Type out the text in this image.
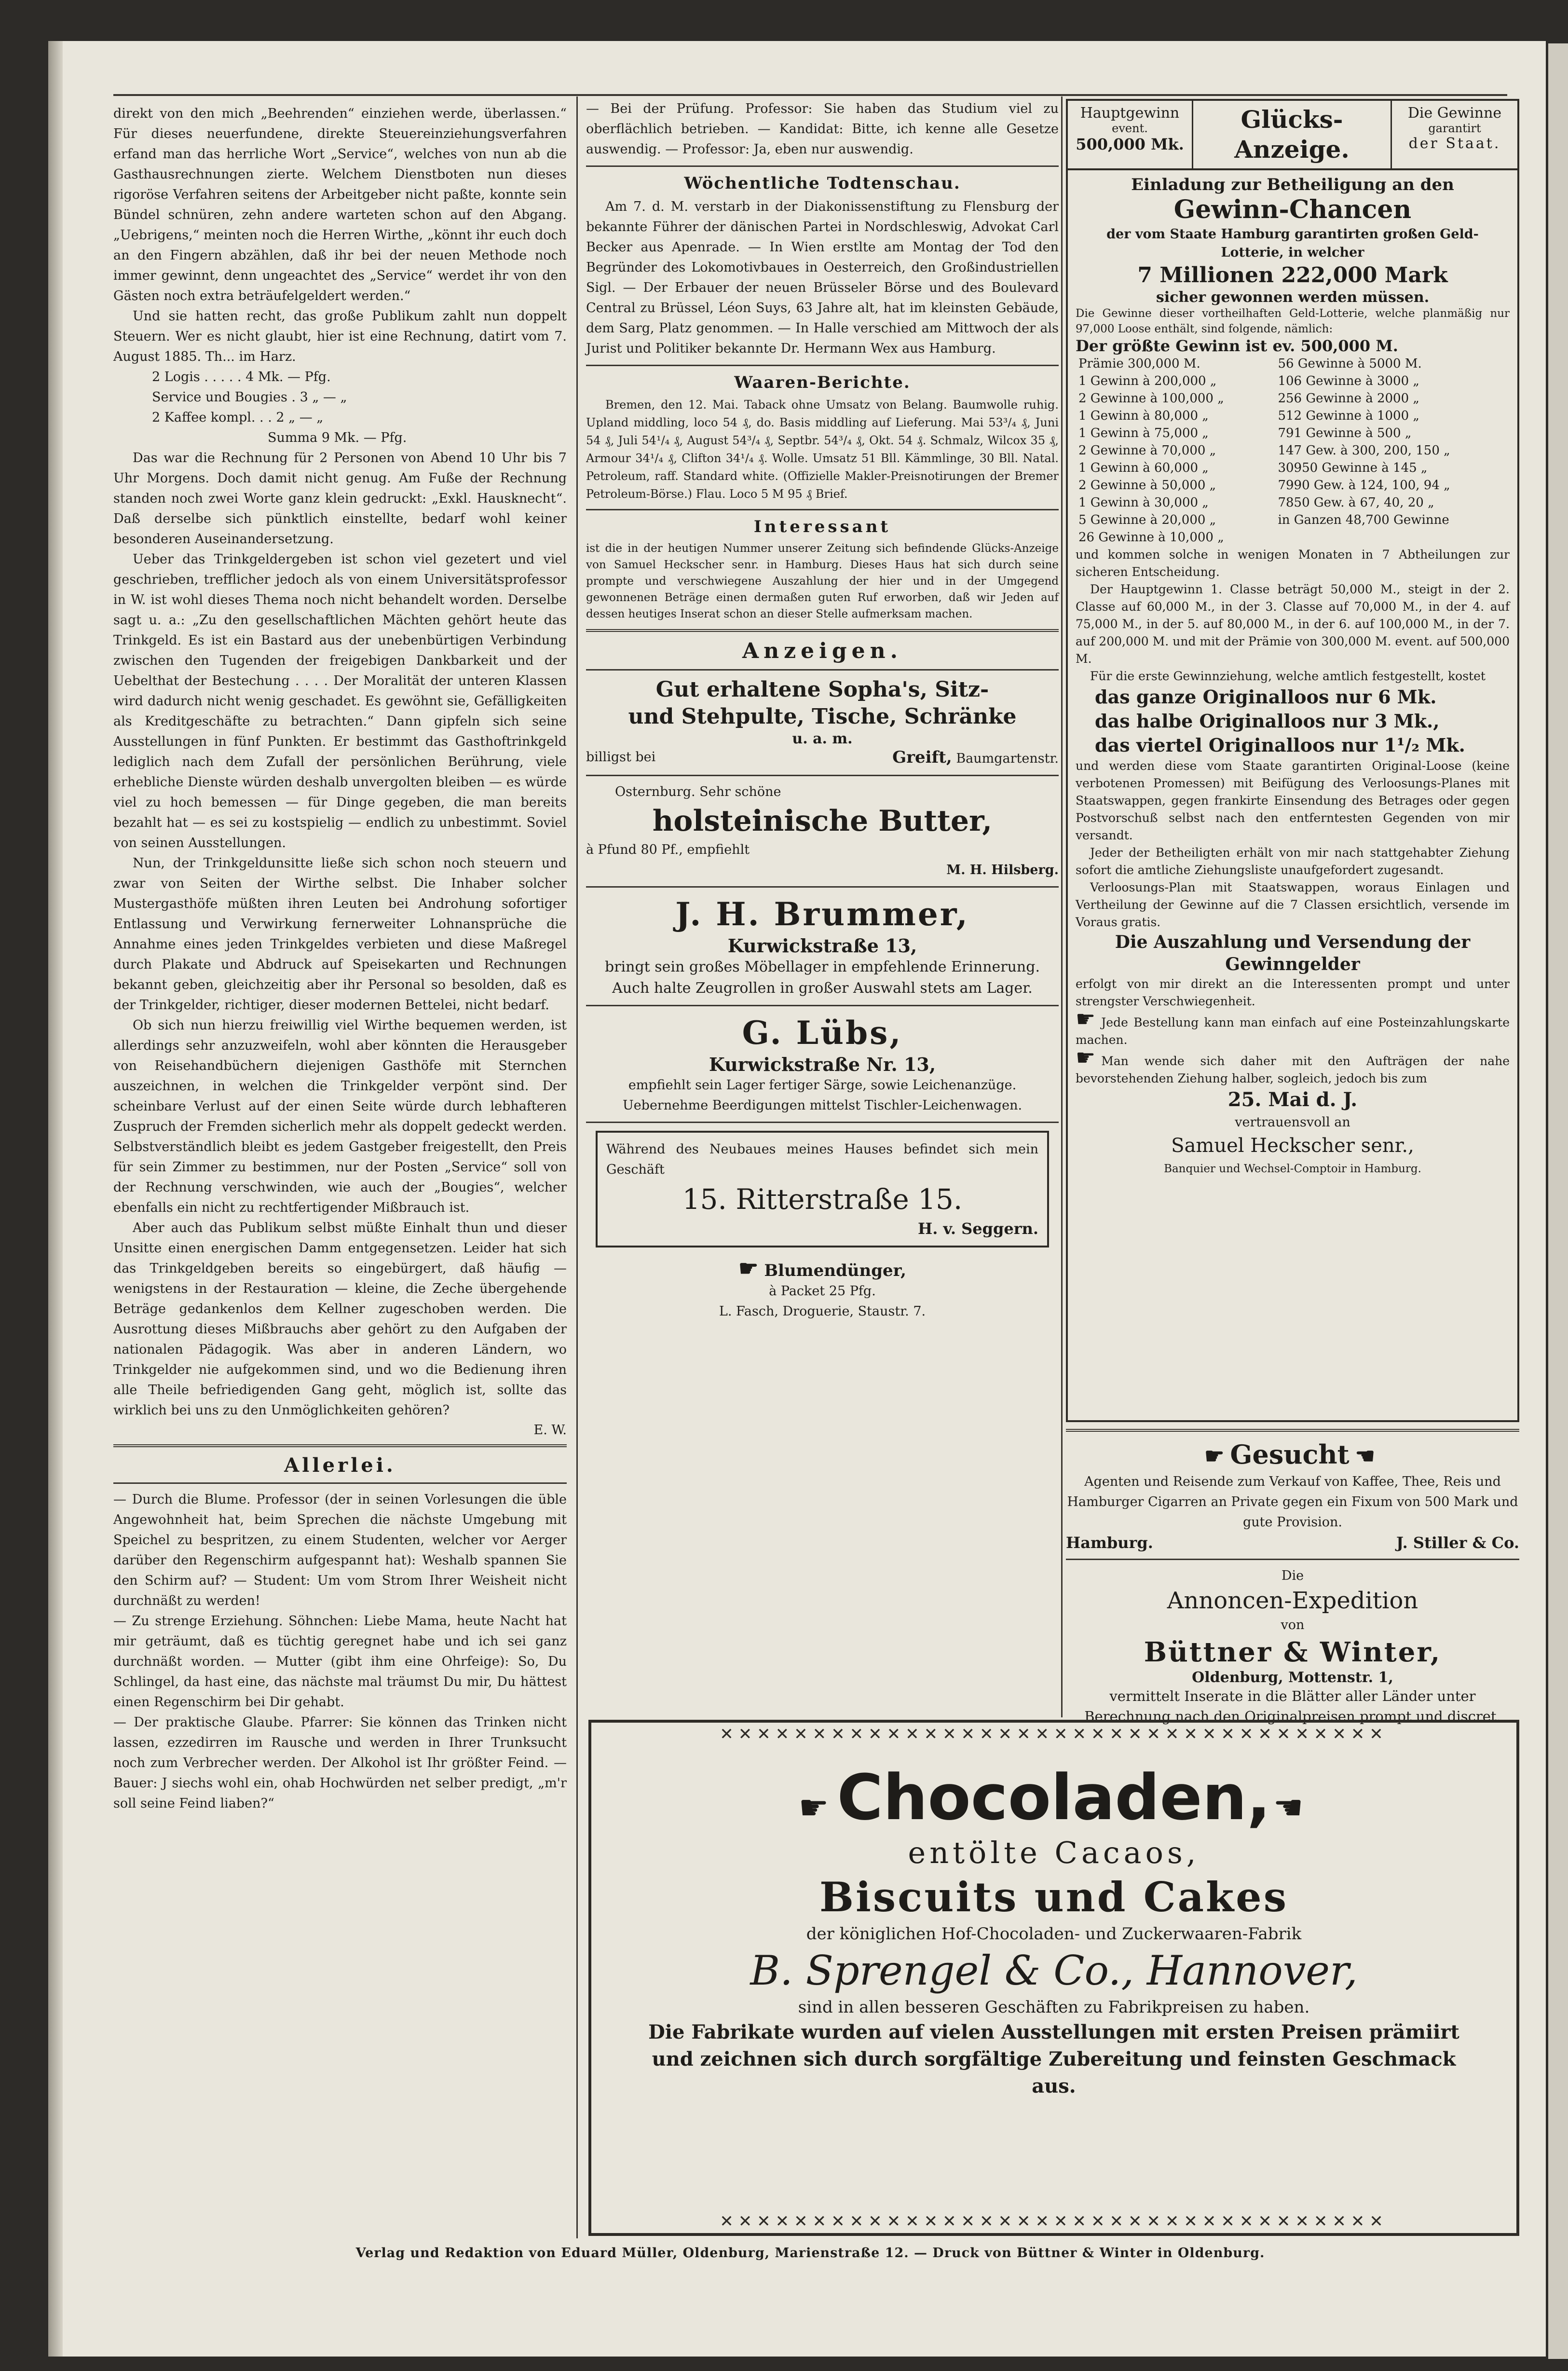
direkt von den mich „Beehrenden“ einziehen werde, überlassen.“ Für dieses neuerfundene, direkte Steuereinziehungsverfahren erfand man das herrliche Wort „Service“, welches von nun ab die Gasthausrechnungen zierte. Welchem Dienstboten nun dieses rigoröse Verfahren seitens der Arbeitgeber nicht paßte, konnte sein Bündel schnüren, zehn andere warteten schon auf den Abgang. „Uebrigens,“ meinten noch die Herren Wirthe, „könnt ihr euch doch an den Fingern abzählen, daß ihr bei der neuen Methode noch immer gewinnt, denn ungeachtet des „Service“ werdet ihr von den Gästen noch extra beträufelgeldert werden.“
Und sie hatten recht, das große Publikum zahlt nun doppelt Steuern. Wer es nicht glaubt, hier ist eine Rechnung, datirt vom 7. August 1885. Th... im Harz.
2 Logis . . . . . 4 Mk. — Pfg.
Service und Bougies . 3 „ — „
2 Kaffee kompl. . . 2 „ — „
Summa 9 Mk. — Pfg.
Das war die Rechnung für 2 Personen von Abend 10 Uhr bis 7 Uhr Morgens. Doch damit nicht genug. Am Fuße der Rechnung standen noch zwei Worte ganz klein gedruckt: „Exkl. Hausknecht“. Daß derselbe sich pünktlich einstellte, bedarf wohl keiner besonderen Auseinandersetzung.
Ueber das Trinkgeldergeben ist schon viel gezetert und viel geschrieben, trefflicher jedoch als von einem Universitätsprofessor in W. ist wohl dieses Thema noch nicht behandelt worden. Derselbe sagt u. a.: „Zu den gesellschaftlichen Mächten gehört heute das Trinkgeld. Es ist ein Bastard aus der unebenbürtigen Verbindung zwischen den Tugenden der freigebigen Dankbarkeit und der Uebelthat der Bestechung . . . . Der Moralität der unteren Klassen wird dadurch nicht wenig geschadet. Es gewöhnt sie, Gefälligkeiten als Kreditgeschäfte zu betrachten.“ Dann gipfeln sich seine Ausstellungen in fünf Punkten. Er bestimmt das Gasthoftrinkgeld lediglich nach dem Zufall der persönlichen Berührung, viele erhebliche Dienste würden deshalb unvergolten bleiben — es würde viel zu hoch bemessen — für Dinge gegeben, die man bereits bezahlt hat — es sei zu kostspielig — endlich zu unbestimmt. Soviel von seinen Ausstellungen.
Nun, der Trinkgeldunsitte ließe sich schon noch steuern und zwar von Seiten der Wirthe selbst. Die Inhaber solcher Mustergasthöfe müßten ihren Leuten bei Androhung sofortiger Entlassung und Verwirkung fernerweiter Lohnansprüche die Annahme eines jeden Trinkgeldes verbieten und diese Maßregel durch Plakate und Abdruck auf Speisekarten und Rechnungen bekannt geben, gleichzeitig aber ihr Personal so besolden, daß es der Trinkgelder, richtiger, dieser modernen Bettelei, nicht bedarf.
Ob sich nun hierzu freiwillig viel Wirthe bequemen werden, ist allerdings sehr anzuzweifeln, wohl aber könnten die Herausgeber von Reisehandbüchern diejenigen Gasthöfe mit Sternchen auszeichnen, in welchen die Trinkgelder verpönt sind. Der scheinbare Verlust auf der einen Seite würde durch lebhafteren Zuspruch der Fremden sicherlich mehr als doppelt gedeckt werden. Selbstverständlich bleibt es jedem Gastgeber freigestellt, den Preis für sein Zimmer zu bestimmen, nur der Posten „Service“ soll von der Rechnung verschwinden, wie auch der „Bougies“, welcher ebenfalls ein nicht zu rechtfertigender Mißbrauch ist.
Aber auch das Publikum selbst müßte Einhalt thun und dieser Unsitte einen energischen Damm entgegensetzen. Leider hat sich das Trinkgeldgeben bereits so eingebürgert, daß häufig — wenigstens in der Restauration — kleine, die Zeche übergehende Beträge gedankenlos dem Kellner zugeschoben werden. Die Ausrottung dieses Mißbrauchs aber gehört zu den Aufgaben der nationalen Pädagogik. Was aber in anderen Ländern, wo Trinkgelder nie aufgekommen sind, und wo die Bedienung ihren alle Theile befriedigenden Gang geht, möglich ist, sollte das wirklich bei uns zu den Unmöglichkeiten gehören?
E. W.
Allerlei.
— Durch die Blume. Professor (der in seinen Vorlesungen die üble Angewohnheit hat, beim Sprechen die nächste Umgebung mit Speichel zu bespritzen, zu einem Studenten, welcher vor Aerger darüber den Regenschirm aufgespannt hat): Weshalb spannen Sie den Schirm auf? — Student: Um vom Strom Ihrer Weisheit nicht durchnäßt zu werden!
— Zu strenge Erziehung. Söhnchen: Liebe Mama, heute Nacht hat mir geträumt, daß es tüchtig geregnet habe und ich sei ganz durchnäßt worden. — Mutter (gibt ihm eine Ohrfeige): So, Du Schlingel, da hast eine, das nächste mal träumst Du mir, Du hättest einen Regenschirm bei Dir gehabt.
— Der praktische Glaube. Pfarrer: Sie können das Trinken nicht lassen, ezzedirren im Rausche und werden in Ihrer Trunksucht noch zum Verbrecher werden. Der Alkohol ist Ihr größter Feind. — Bauer: J siechs wohl ein, ohab Hochwürden net selber predigt, „m'r soll seine Feind liaben?“
— Bei der Prüfung. Professor: Sie haben das Studium viel zu oberflächlich betrieben. — Kandidat: Bitte, ich kenne alle Gesetze auswendig. — Professor: Ja, eben nur auswendig.
Wöchentliche Todtenschau.
Am 7. d. M. verstarb in der Diakonissenstiftung zu Flensburg der bekannte Führer der dänischen Partei in Nordschleswig, Advokat Carl Becker aus Apenrade. — In Wien erstlte am Montag der Tod den Begründer des Lokomotivbaues in Oesterreich, den Großindustriellen Sigl. — Der Erbauer der neuen Brüsseler Börse und des Boulevard Central zu Brüssel, Léon Suys, 63 Jahre alt, hat im kleinsten Gebäude, dem Sarg, Platz genommen. — In Halle verschied am Mittwoch der als Jurist und Politiker bekannte Dr. Hermann Wex aus Hamburg.
Waaren-Berichte.
Bremen, den 12. Mai. Taback ohne Umsatz von Belang. Baumwolle ruhig. Upland middling, loco 54 ₰, do. Basis middling auf Lieferung. Mai 53³/₄ ₰, Juni 54 ₰, Juli 54¹/₄ ₰, August 54³/₄ ₰, Septbr. 54³/₄ ₰, Okt. 54 ₰. Schmalz, Wilcox 35 ₰, Armour 34¹/₄ ₰, Clifton 34¹/₄ ₰. Wolle. Umsatz 51 Bll. Kämmlinge, 30 Bll. Natal. Petroleum, raff. Standard white. (Offizielle Makler-Preisnotirungen der Bremer Petroleum-Börse.) Flau. Loco 5 M 95 ₰ Brief.
Interessant
ist die in der heutigen Nummer unserer Zeitung sich befindende Glücks-Anzeige von Samuel Heckscher senr. in Hamburg. Dieses Haus hat sich durch seine prompte und verschwiegene Auszahlung der hier und in der Umgegend gewonnenen Beträge einen dermaßen guten Ruf erworben, daß wir Jeden auf dessen heutiges Inserat schon an dieser Stelle aufmerksam machen.
Anzeigen.
Gut erhaltene Sopha's, Sitz-
und Stehpulte, Tische, Schränke
u. a. m.
billigst bei	Greift, Baumgartenstr.
Osternburg. Sehr schöne
holsteinische Butter,
à Pfund 80 Pf., empfiehlt
M. H. Hilsberg.
J. H. Brummer,
Kurwickstraße 13,
bringt sein großes Möbellager in empfehlende Erinnerung. Auch halte Zeugrollen in großer Auswahl stets am Lager.
G. Lübs,
Kurwickstraße Nr. 13,
empfiehlt sein Lager fertiger Särge, sowie Leichenanzüge.
Uebernehme Beerdigungen mittelst Tischler-Leichenwagen.
Während des Neubaues meines Hauses befindet sich mein Geschäft
15. Ritterstraße 15.
H. v. Seggern.
☛ Blumendünger,
à Packet 25 Pfg.
L. Fasch, Droguerie, Staustr. 7.
Hauptgewinn
event.
500,000 Mk.
Glücks-
Anzeige.
Die Gewinne
garantirt
der Staat.
Einladung zur Betheiligung an den
Gewinn-Chancen
der vom Staate Hamburg garantirten großen Geld-Lotterie, in welcher
7 Millionen 222,000 Mark
sicher gewonnen werden müssen.
Die Gewinne dieser vortheilhaften Geld-Lotterie, welche planmäßig nur 97,000 Loose enthält, sind folgende, nämlich:
Der größte Gewinn ist ev. 500,000 M.
Prämie 300,000 M.	56 Gewinne à 5000 M.
1 Gewinn à 200,000 „	106 Gewinne à 3000 „
2 Gewinne à 100,000 „	256 Gewinne à 2000 „
1 Gewinn à 80,000 „	512 Gewinne à 1000 „
1 Gewinn à 75,000 „	791 Gewinne à 500 „
2 Gewinne à 70,000 „	147 Gew. à 300, 200, 150 „
1 Gewinn à 60,000 „	30950 Gewinne à 145 „
2 Gewinne à 50,000 „	7990 Gew. à 124, 100, 94 „
1 Gewinn à 30,000 „	7850 Gew. à 67, 40, 20 „
5 Gewinne à 20,000 „	in Ganzen 48,700 Gewinne
26 Gewinne à 10,000 „	
und kommen solche in wenigen Monaten in 7 Abtheilungen zur sicheren Entscheidung.
Der Hauptgewinn 1. Classe beträgt 50,000 M., steigt in der 2. Classe auf 60,000 M., in der 3. Classe auf 70,000 M., in der 4. auf 75,000 M., in der 5. auf 80,000 M., in der 6. auf 100,000 M., in der 7. auf 200,000 M. und mit der Prämie von 300,000 M. event. auf 500,000 M.
Für die erste Gewinnziehung, welche amtlich festgestellt, kostet
das ganze Originalloos nur 6 Mk.
das halbe Originalloos nur 3 Mk.,
das viertel Originalloos nur 1¹/₂ Mk.
und werden diese vom Staate garantirten Original-Loose (keine verbotenen Promessen) mit Beifügung des Verloosungs-Planes mit Staatswappen, gegen frankirte Einsendung des Betrages oder gegen Postvorschuß selbst nach den entferntesten Gegenden von mir versandt.
Jeder der Betheiligten erhält von mir nach stattgehabter Ziehung sofort die amtliche Ziehungsliste unaufgefordert zugesandt.
Verloosungs-Plan mit Staatswappen, woraus Einlagen und Vertheilung der Gewinne auf die 7 Classen ersichtlich, versende im Voraus gratis.
Die Auszahlung und Versendung der Gewinngelder
erfolgt von mir direkt an die Interessenten prompt und unter strengster Verschwiegenheit.
☛ Jede Bestellung kann man einfach auf eine Posteinzahlungskarte machen.
☛ Man wende sich daher mit den Aufträgen der nahe bevorstehenden Ziehung halber, sogleich, jedoch bis zum
25. Mai d. J.
vertrauensvoll an
Samuel Heckscher senr.,
Banquier und Wechsel-Comptoir in Hamburg.
☛ Gesucht ☚
Agenten und Reisende zum Verkauf von Kaffee, Thee, Reis und Hamburger Cigarren an Private gegen ein Fixum von 500 Mark und gute Provision.
Hamburg.	J. Stiller & Co.
Die
Annoncen-Expedition
von
Büttner & Winter,
Oldenburg, Mottenstr. 1,
vermittelt Inserate in die Blätter aller Länder unter Berechnung nach den Originalpreisen prompt und discret.
✕✕✕✕✕✕✕✕✕✕✕✕✕✕✕✕✕✕✕✕✕✕✕✕✕✕✕✕✕✕✕✕✕✕✕✕
✕✕✕✕✕✕✕✕✕✕✕✕✕✕✕✕✕✕✕✕✕✕✕✕✕✕✕✕✕✕✕✕✕✕✕✕
☛ Chocoladen, ☚
entölte Cacaos,
Biscuits und Cakes
der königlichen Hof-Chocoladen- und Zuckerwaaren-Fabrik
B. Sprengel & Co., Hannover,
sind in allen besseren Geschäften zu Fabrikpreisen zu haben.
Die Fabrikate wurden auf vielen Ausstellungen mit ersten Preisen prämiirt und zeichnen sich durch sorgfältige Zubereitung und feinsten Geschmack aus.
Verlag und Redaktion von Eduard Müller, Oldenburg, Marienstraße 12. — Druck von Büttner & Winter in Oldenburg.
